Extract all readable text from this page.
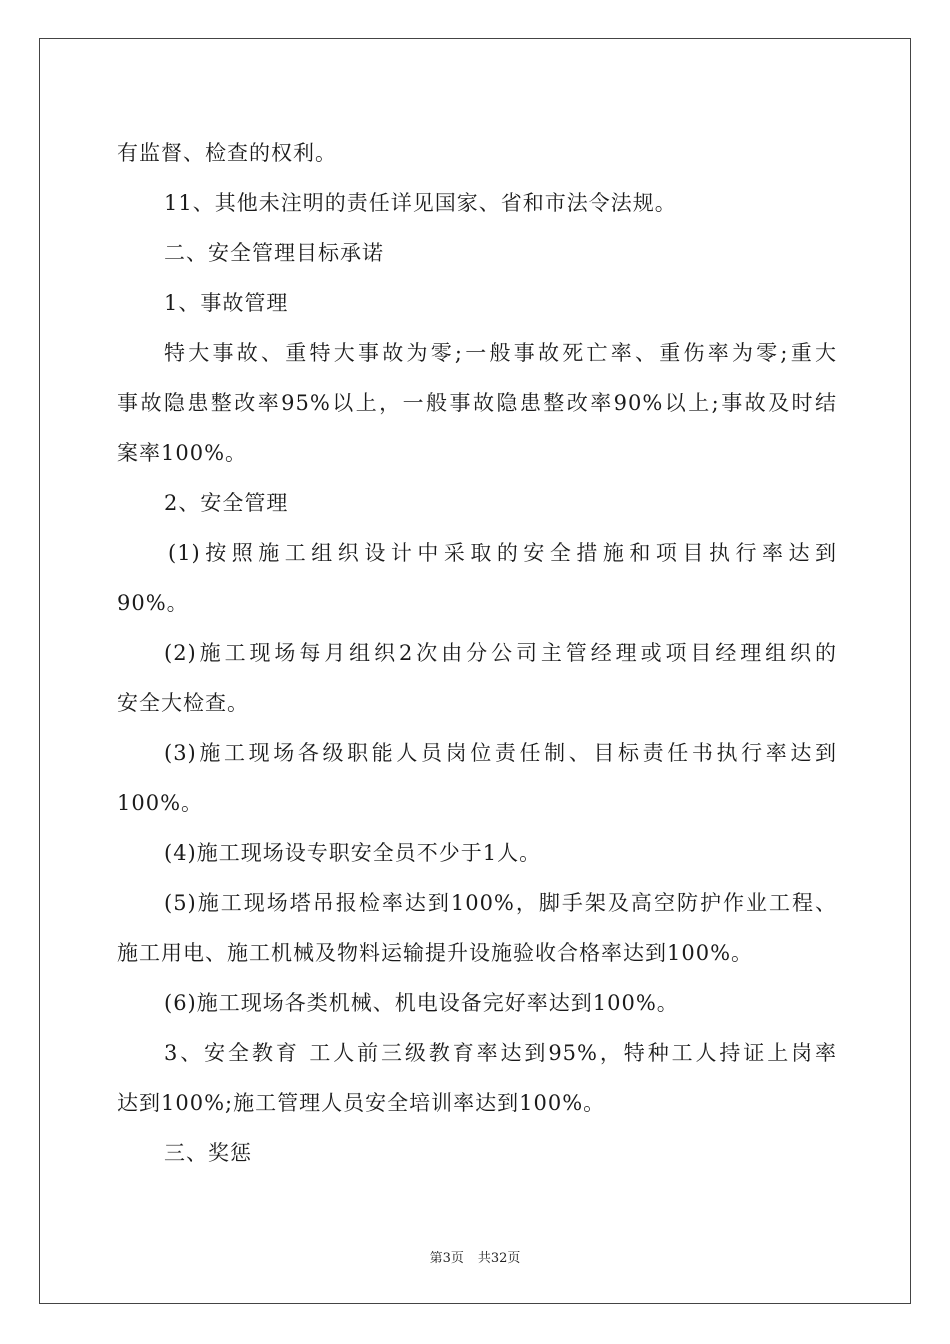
有监督、检查的权利。
11、其他未注明的责任详见国家、省和市法令法规。
二、安全管理目标承诺
1、事故管理
特大事故、重特大事故为零;一般事故死亡率、重伤率为零;重大
事故隐患整改率95%以上，一般事故隐患整改率90%以上;事故及时结
案率100%。
2、安全管理
(1)按照施工组织设计中采取的安全措施和项目执行率达到
90%。
(2)施工现场每月组织2次由分公司主管经理或项目经理组织的
安全大检查。
(3)施工现场各级职能人员岗位责任制、目标责任书执行率达到
100%。
(4)施工现场设专职安全员不少于1人。
(5)施工现场塔吊报检率达到100%，脚手架及高空防护作业工程、
施工用电、施工机械及物料运输提升设施验收合格率达到100%。
(6)施工现场各类机械、机电设备完好率达到100%。
3、安全教育 工人前三级教育率达到95%，特种工人持证上岗率
达到100%;施工管理人员安全培训率达到100%。
三、奖惩
第3页 共32页
